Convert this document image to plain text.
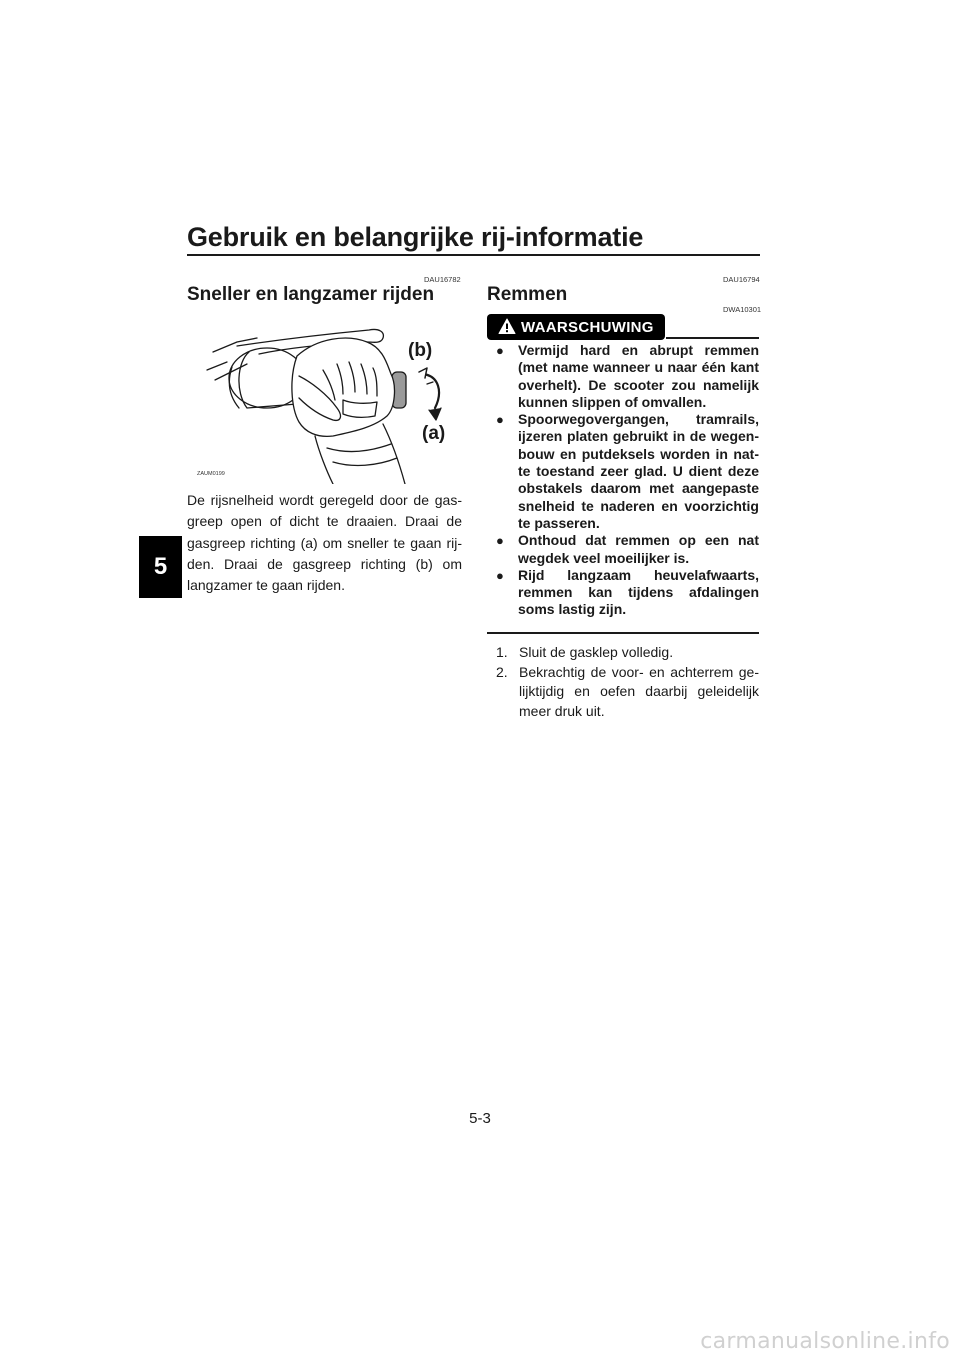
Gebruik en belangrijke rij-informatie
5
DAU16782
Sneller en langzamer rijden
(b)
(a)
ZAUM0199

De rijsnelheid wordt geregeld door de gas-greep open of dicht te draaien. Draai de gasgreep richting (a) om sneller te gaan rij-den. Draai de gasgreep richting (b) om langzamer te gaan rijden.

DAU16794
Remmen
DWA10301
WAARSCHUWING
● Vermijd hard en abrupt remmen (met name wanneer u naar één kant overhelt). De scooter zou namelijk kunnen slippen of omvallen.
● Spoorwegovergangen, tramrails, ijzeren platen gebruikt in de wegen-bouw en putdeksels worden in nat-te toestand zeer glad. U dient deze obstakels daarom met aangepaste snelheid te naderen en voorzichtig te passeren.
● Onthoud dat remmen op een nat wegdek veel moeilijker is.
● Rijd langzaam heuvelafwaarts, remmen kan tijdens afdalingen soms lastig zijn.
1. Sluit de gasklep volledig.
2. Bekrachtig de voor- en achterrem ge-lijktijdig en oefen daarbij geleidelijk meer druk uit.
5-3
carmanualsonline.info
